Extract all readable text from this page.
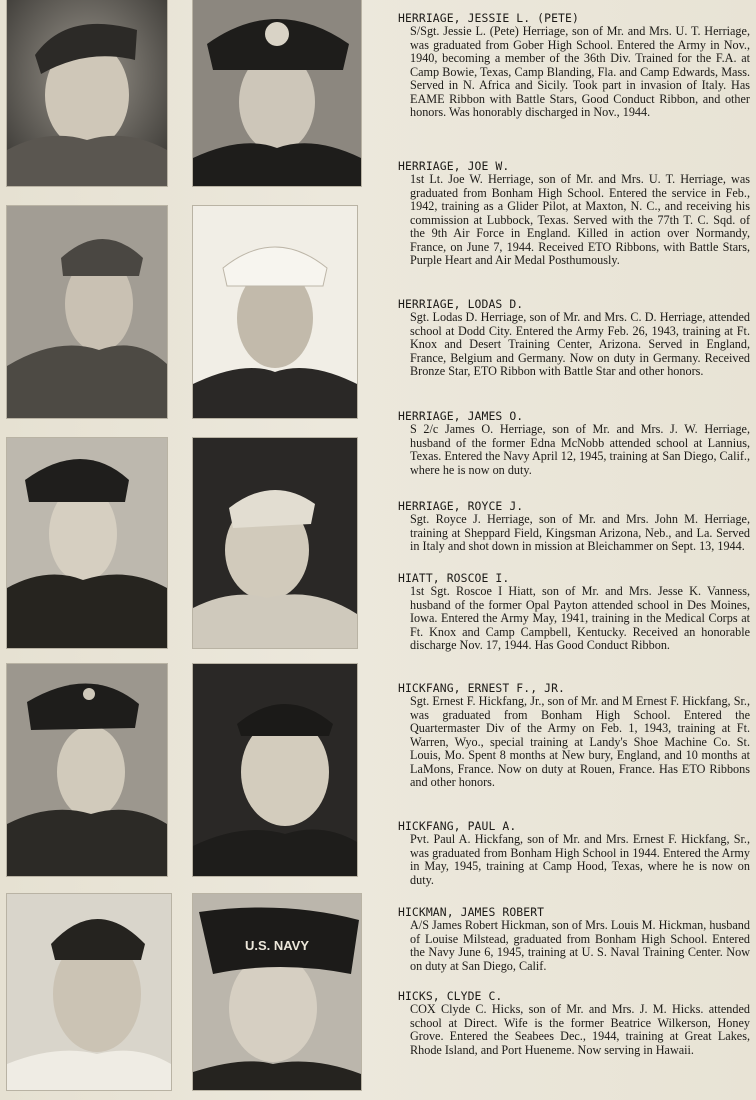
U.S. NAVY
HERRIAGE, JESSIE L. (PETE)
S/Sgt. Jessie L. (Pete) Herriage, son of Mr. and Mrs. U. T. Herriage, was graduated from Gober High School. Entered the Army in Nov., 1940, becoming a member of the 36th Div. Trained for the F.A. at Camp Bowie, Texas, Camp Blanding, Fla. and Camp Edwards, Mass. Served in N. Africa and Sicily. Took part in invasion of Italy. Has EAME Ribbon with Battle Stars, Good Conduct Ribbon, and other honors. Was honorably discharged in Nov., 1944.
HERRIAGE, JOE W.
1st Lt. Joe W. Herriage, son of Mr. and Mrs. U. T. Herriage, was graduated from Bonham High School. Entered the service in Feb., 1942, training as a Glider Pilot, at Maxton, N. C., and receiving his commission at Lubbock, Texas. Served with the 77th T. C. Sqd. of the 9th Air Force in England. Killed in action over Normandy, France, on June 7, 1944. Received ETO Ribbons, with Battle Stars, Purple Heart and Air Medal Posthumously.
HERRIAGE, LODAS D.
Sgt. Lodas D. Herriage, son of Mr. and Mrs. C. D. Herriage, attended school at Dodd City. Entered the Army Feb. 26, 1943, training at Ft. Knox and Desert Training Center, Arizona. Served in England, France, Belgium and Germany. Now on duty in Germany. Received Bronze Star, ETO Ribbon with Battle Star and other honors.
HERRIAGE, JAMES O.
S 2/c James O. Herriage, son of Mr. and Mrs. J. W. Herriage, husband of the former Edna McNobb attended school at Lannius, Texas. Entered the Navy April 12, 1945, training at San Diego, Calif., where he is now on duty.
HERRIAGE, ROYCE J.
Sgt. Royce J. Herriage, son of Mr. and Mrs. John M. Herriage, training at Sheppard Field, Kingsman Arizona, Neb., and La. Served in Italy and shot down in mission at Bleichammer on Sept. 13, 1944.
HIATT, ROSCOE I.
1st Sgt. Roscoe I Hiatt, son of Mr. and Mrs. Jesse K. Vanness, husband of the former Opal Payton attended school in Des Moines, Iowa. Entered the Army May, 1941, training in the Medical Corps at Ft. Knox and Camp Campbell, Kentucky. Received an honorable discharge Nov. 17, 1944. Has Good Conduct Ribbon.
HICKFANG, ERNEST F., JR.
Sgt. Ernest F. Hickfang, Jr., son of Mr. and M Ernest F. Hickfang, Sr., was graduated from Bonham High School. Entered the Quartermaster Div of the Army on Feb. 1, 1943, training at Ft. Warren, Wyo., special training at Landy's Shoe Machine Co. St. Louis, Mo. Spent 8 months at New bury, England, and 10 months at LaMons, France. Now on duty at Rouen, France. Has ETO Ribbons and other honors.
HICKFANG, PAUL A.
Pvt. Paul A. Hickfang, son of Mr. and Mrs. Ernest F. Hickfang, Sr., was graduated from Bonham High School in 1944. Entered the Army in May, 1945, training at Camp Hood, Texas, where he is now on duty.
HICKMAN, JAMES ROBERT
A/S James Robert Hickman, son of Mrs. Louis M. Hickman, husband of Louise Milstead, graduated from Bonham High School. Entered the Navy June 6, 1945, training at U. S. Naval Training Center. Now on duty at San Diego, Calif.
HICKS, CLYDE C.
COX Clyde C. Hicks, son of Mr. and Mrs. J. M. Hicks. attended school at Direct. Wife is the former Beatrice Wilkerson, Honey Grove. Entered the Seabees Dec., 1944, training at Great Lakes, Rhode Island, and Port Hueneme. Now serving in Hawaii.
